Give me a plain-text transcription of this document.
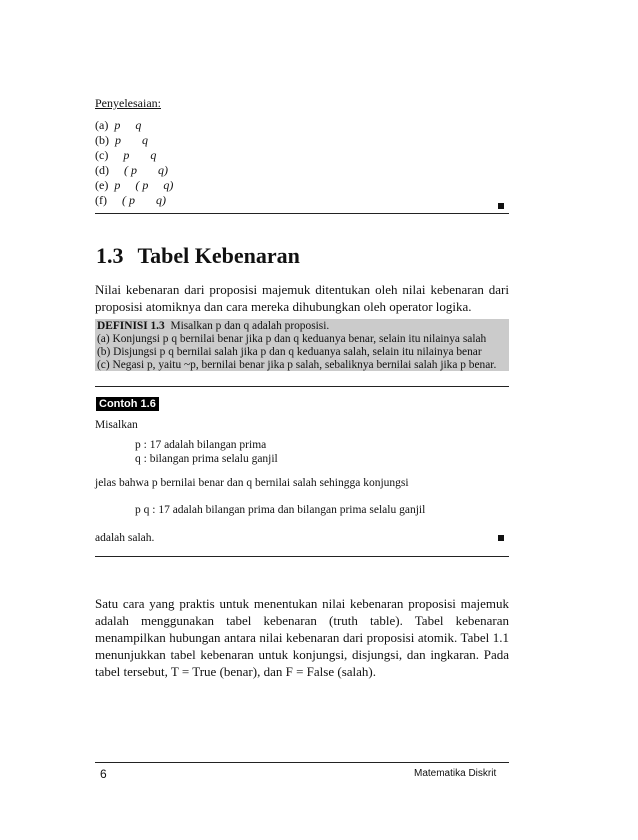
Penyelesaian:
(a) p     q
(b) p       q
(c)     p       q
(d)     ( p       q)
(e) p     ( p     q)
(f)     ( p       q)
1.3 Tabel Kebenaran
Nilai kebenaran dari proposisi majemuk ditentukan oleh nilai kebenaran dari proposisi atomiknya dan cara mereka dihubungkan oleh operator logika.
DEFINISI 1.3 Misalkan p dan q adalah proposisi.
(a) Konjungsi p q bernilai benar jika p dan q keduanya benar, selain itu nilainya salah
(b) Disjungsi p q bernilai salah jika p dan q keduanya salah, selain itu nilainya benar
(c) Negasi p, yaitu ~p, bernilai benar jika p salah, sebaliknya bernilai salah jika p benar.
Contoh 1.6
Misalkan
p : 17 adalah bilangan prima
q : bilangan prima selalu ganjil
jelas bahwa p bernilai benar dan q bernilai salah sehingga konjungsi
p q : 17 adalah bilangan prima dan bilangan prima selalu ganjil
adalah salah.
Satu cara yang praktis untuk menentukan nilai kebenaran proposisi majemuk adalah menggunakan tabel kebenaran (truth table). Tabel kebenaran menampilkan hubungan antara nilai kebenaran dari proposisi atomik. Tabel 1.1 menunjukkan tabel kebenaran untuk konjungsi, disjungsi, dan ingkaran. Pada tabel tersebut, T = True (benar), dan F = False (salah).
6	Matematika Diskrit
